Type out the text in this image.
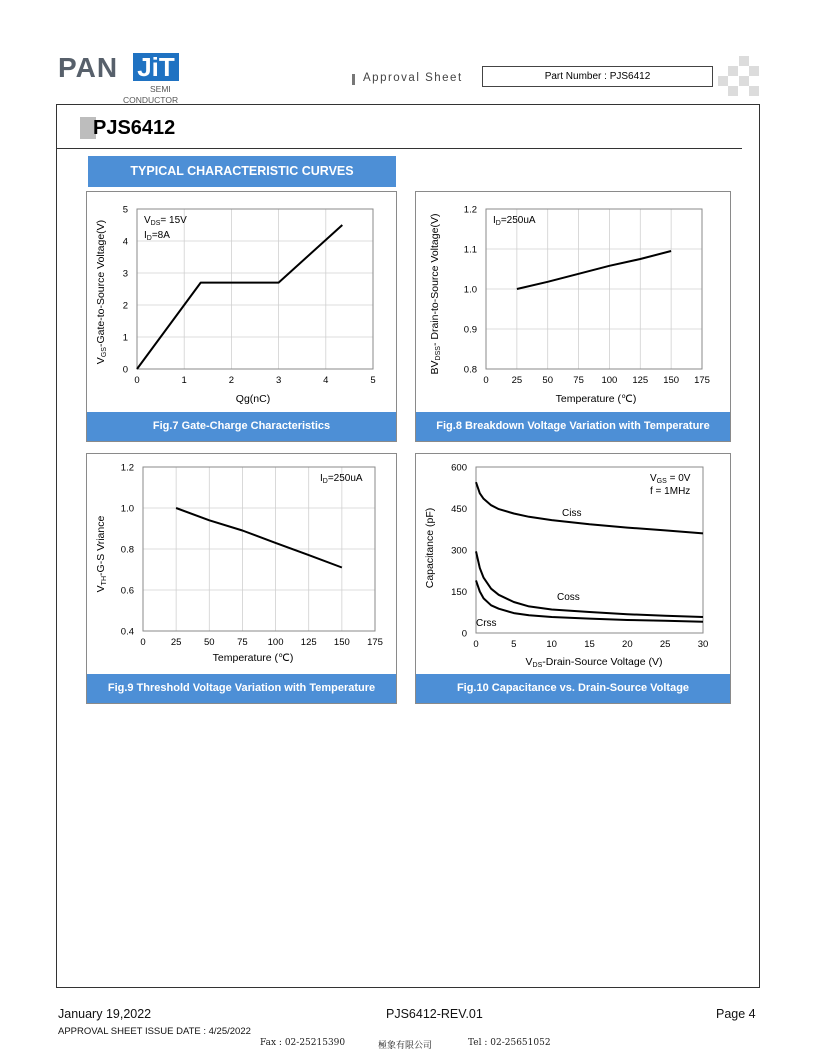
PAN JiT
SEMI
CONDUCTOR
Approval Sheet	Part Number : PJS6412
PJS6412
TYPICAL CHARACTERISTIC CURVES
0	1	2	3	4	5
0
1
2
3
4
5
$V_{DS}= 15V$
$I_D=8A$
Qg(nC)
VGS-Gate-to-Source Voltage(V)
Fig.7 Gate-Charge Characteristics
0 25 50 75 100 125 150 175
0.8
0.9
1.0
1.1
1.2
$I_D=250uA$
Temperature (℃)
BVDSS- Drain-to-Source Voltage(V)
Fig.8 Breakdown Voltage Variation with Temperature
0	25 50 75 100 125 150 175
0.4
0.6
0.8
1.0
1.2
$I_D=250uA$
Temperature (℃)
VTH-G-S Vriance
Fig.9 Threshold Voltage Variation with Temperature
0	5	10	15	20	25	30
0
150
300
450
600
$V_{GS} = 0V$
f = 1MHz
Ciss
Coss
Crss
VDS-Drain-Source Voltage (V)
Capacitance (pF)
Fig.10 Capacitance vs. Drain-Source Voltage
January 19,2022	PJS6412-REV.01	Page 4
APPROVAL SHEET ISSUE DATE : 4/25/2022
Fax : 02-25215390	極象有限公司	Tel : 02-25651052
